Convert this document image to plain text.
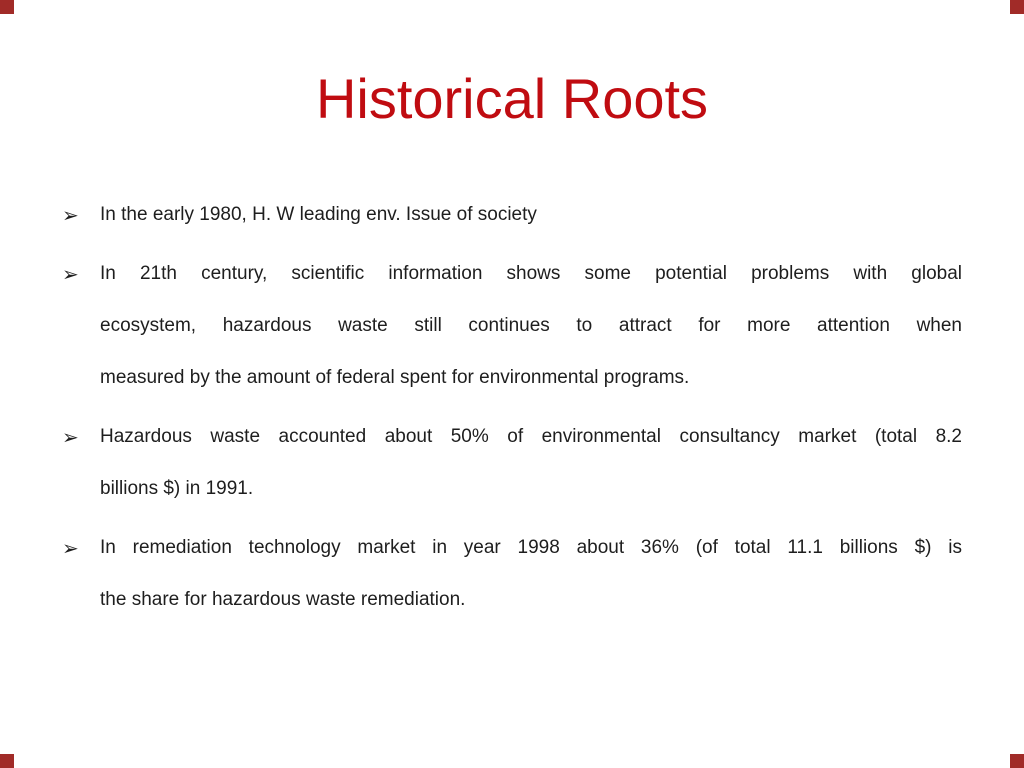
Historical Roots
➢	In the early 1980, H. W leading env. Issue of society
➢	In 21th century, scientific information shows some potential problems with global
ecosystem, hazardous waste still continues to attract for more attention when
measured by the amount of federal spent for environmental programs.
➢	Hazardous waste accounted about 50% of environmental consultancy market (total 8.2
billions $) in 1991.
➢	In remediation technology market in year 1998 about 36% (of total 11.1 billions $) is
the share for hazardous waste remediation.
